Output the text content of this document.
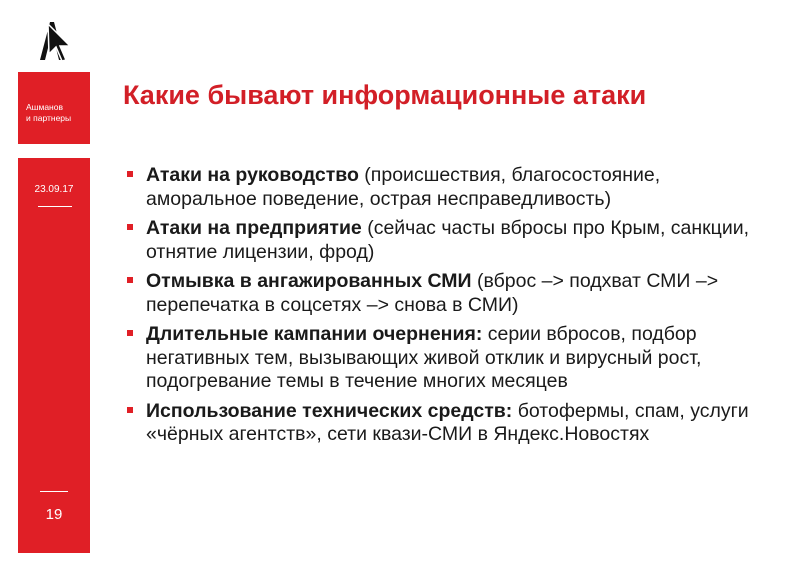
Ашманов
и партнеры
23.09.17
19
Какие бывают информационные атаки
Атаки на руководство (происшествия, благосостояние, аморальное поведение, острая несправедливость)
Атаки на предприятие (сейчас часты вбросы про Крым, санкции, отнятие лицензии, фрод)
Отмывка в ангажированных СМИ (вброс –> подхват СМИ –> перепечатка в соцсетях –> снова в СМИ)
Длительные кампании очернения: серии вбросов, подбор негативных тем, вызывающих живой отклик и вирусный рост, подогревание темы в течение многих месяцев
Использование технических средств: ботофермы, спам, услуги «чёрных агентств», сети квази-СМИ в Яндекс.Новостях
